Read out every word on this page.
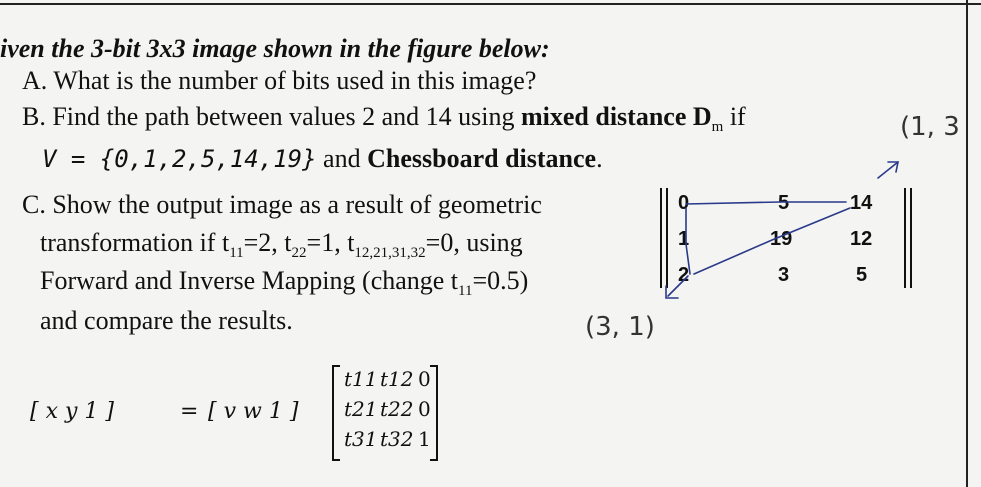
iven the 3-bit 3x3 image shown in the figure below:
A. What is the number of bits used in this image?
B. Find the path between values 2 and 14 using mixed distance $D_m$ if
V = {0,1,2,5,14,19} and Chessboard distance.
C. Show the output image as a result of geometric
transformation if $t_{11}=2$, $t_{22}=1$, $t_{12,21,31,32}=0$, using
Forward and Inverse Mapping (change $t_{11}=0.5$)
and compare the results.
0	5	14
1	19	12
2	3	5
(1, 3
(3, 1)
[ x y 1 ]	= [ v w 1 ]
t11 t12 0
t21 t22 0
t31 t32 1
